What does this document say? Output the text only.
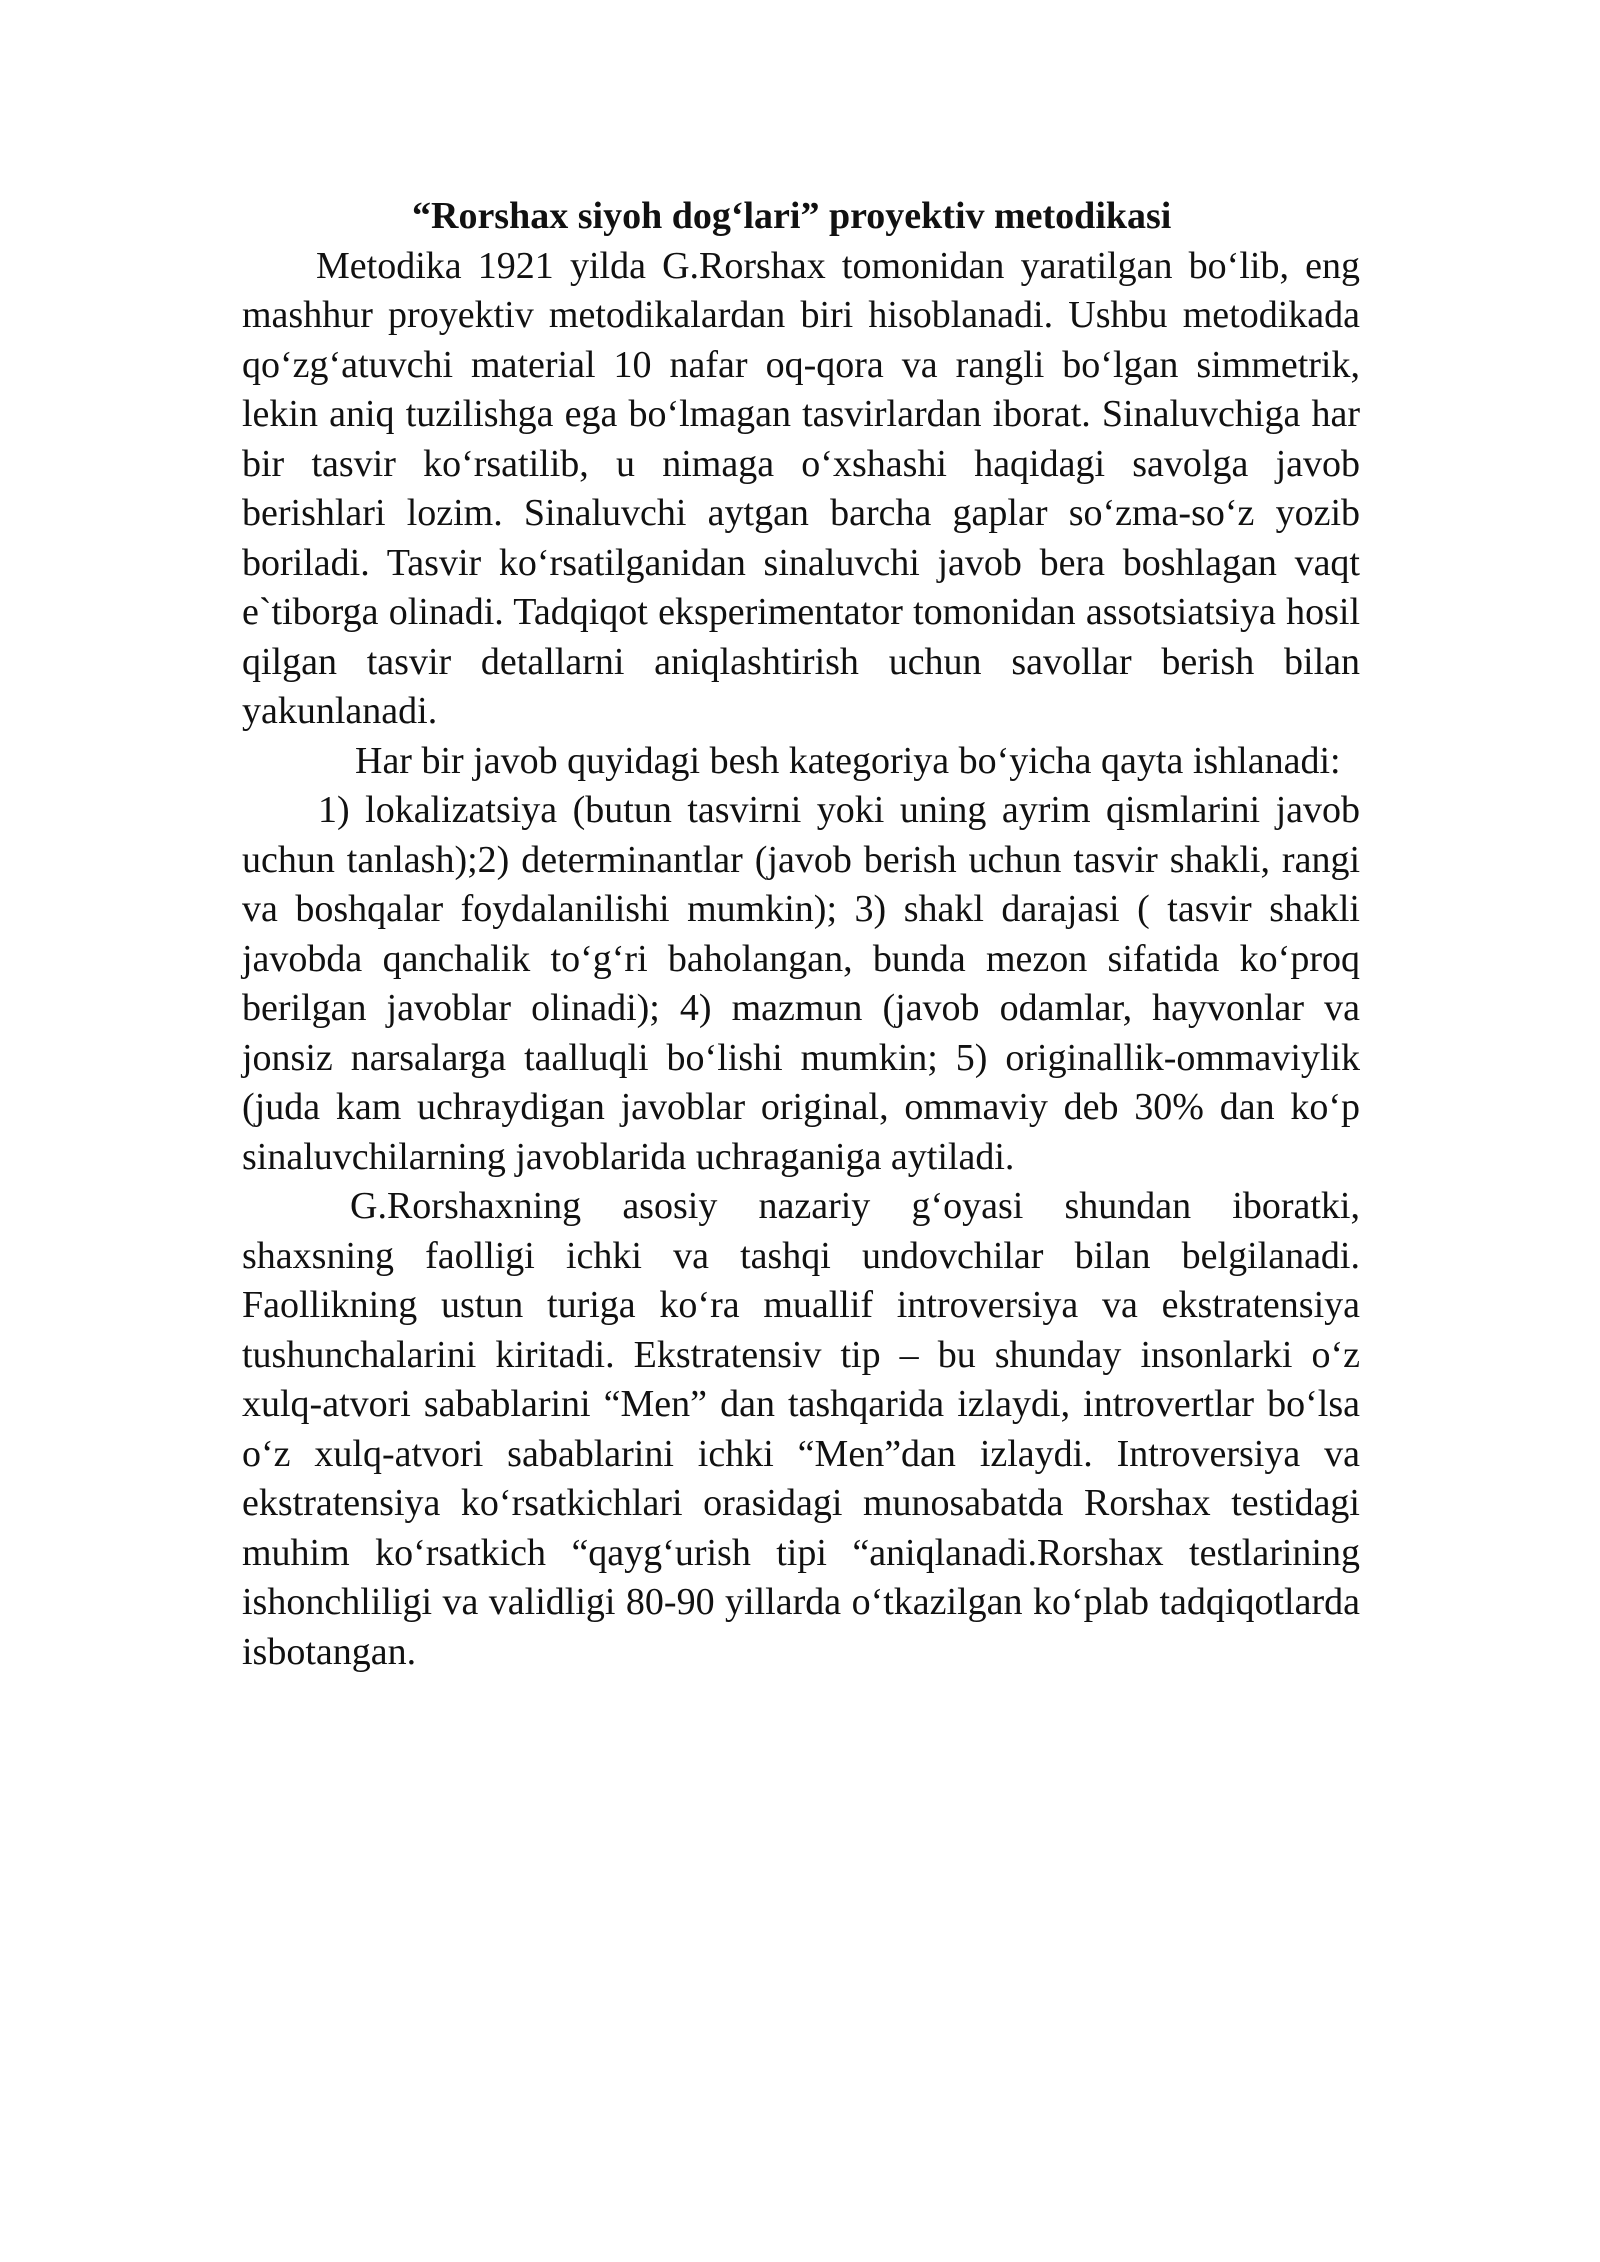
“Rorshax siyoh dog‘lari” proyektiv metodikasi

Metodika 1921 yilda G.Rorshax tomonidan yaratilgan bo‘lib, eng mashhur proyektiv metodikalardan biri hisoblanadi. Ushbu metodikada qo‘zg‘atuvchi material 10 nafar oq-qora va rangli bo‘lgan simmetrik, lekin aniq tuzilishga ega bo‘lmagan tasvirlardan iborat. Sinaluvchiga har bir tasvir ko‘rsatilib, u nimaga o‘xshashi haqidagi savolga javob berishlari lozim. Sinaluvchi aytgan barcha gaplar so‘zma-so‘z yozib boriladi. Tasvir ko‘rsatilganidan sinaluvchi javob bera boshlagan vaqt e`tiborga olinadi. Tadqiqot eksperimentator tomonidan assotsiatsiya hosil qilgan tasvir detallarni aniqlashtirish uchun savollar berish bilan yakunlanadi.

Har bir javob quyidagi besh kategoriya bo‘yicha qayta ishlanadi:

1) lokalizatsiya (butun tasvirni yoki uning ayrim qismlarini javob uchun tanlash);2) determinantlar (javob berish uchun tasvir shakli, rangi va boshqalar foydalanilishi mumkin); 3) shakl darajasi ( tasvir shakli javobda qanchalik to‘g‘ri baholangan, bunda mezon sifatida ko‘proq berilgan javoblar olinadi); 4) mazmun (javob odamlar, hayvonlar va jonsiz narsalarga taalluqli bo‘lishi mumkin; 5) originallik-ommaviylik (juda kam uchraydigan javoblar original, ommaviy deb 30% dan ko‘p sinaluvchilarning javoblarida uchraganiga aytiladi.

G.Rorshaxning asosiy nazariy g‘oyasi shundan iboratki, shaxsning faolligi ichki va tashqi undovchilar bilan belgilanadi. Faollikning ustun turiga ko‘ra muallif introversiya va ekstratensiya tushunchalarini kiritadi. Ekstratensiv tip – bu shunday insonlarki o‘z xulq-atvori sabablarini “Men” dan tashqarida izlaydi, introvertlar bo‘lsa o‘z xulq-atvori sabablarini ichki “Men”dan izlaydi. Introversiya va ekstratensiya ko‘rsatkichlari orasidagi munosabatda Rorshax testidagi muhim ko‘rsatkich “qayg‘urish tipi “aniqlanadi.Rorshax testlarining ishonchliligi va validligi 80-90 yillarda o‘tkazilgan ko‘plab tadqiqotlarda isbotangan.
